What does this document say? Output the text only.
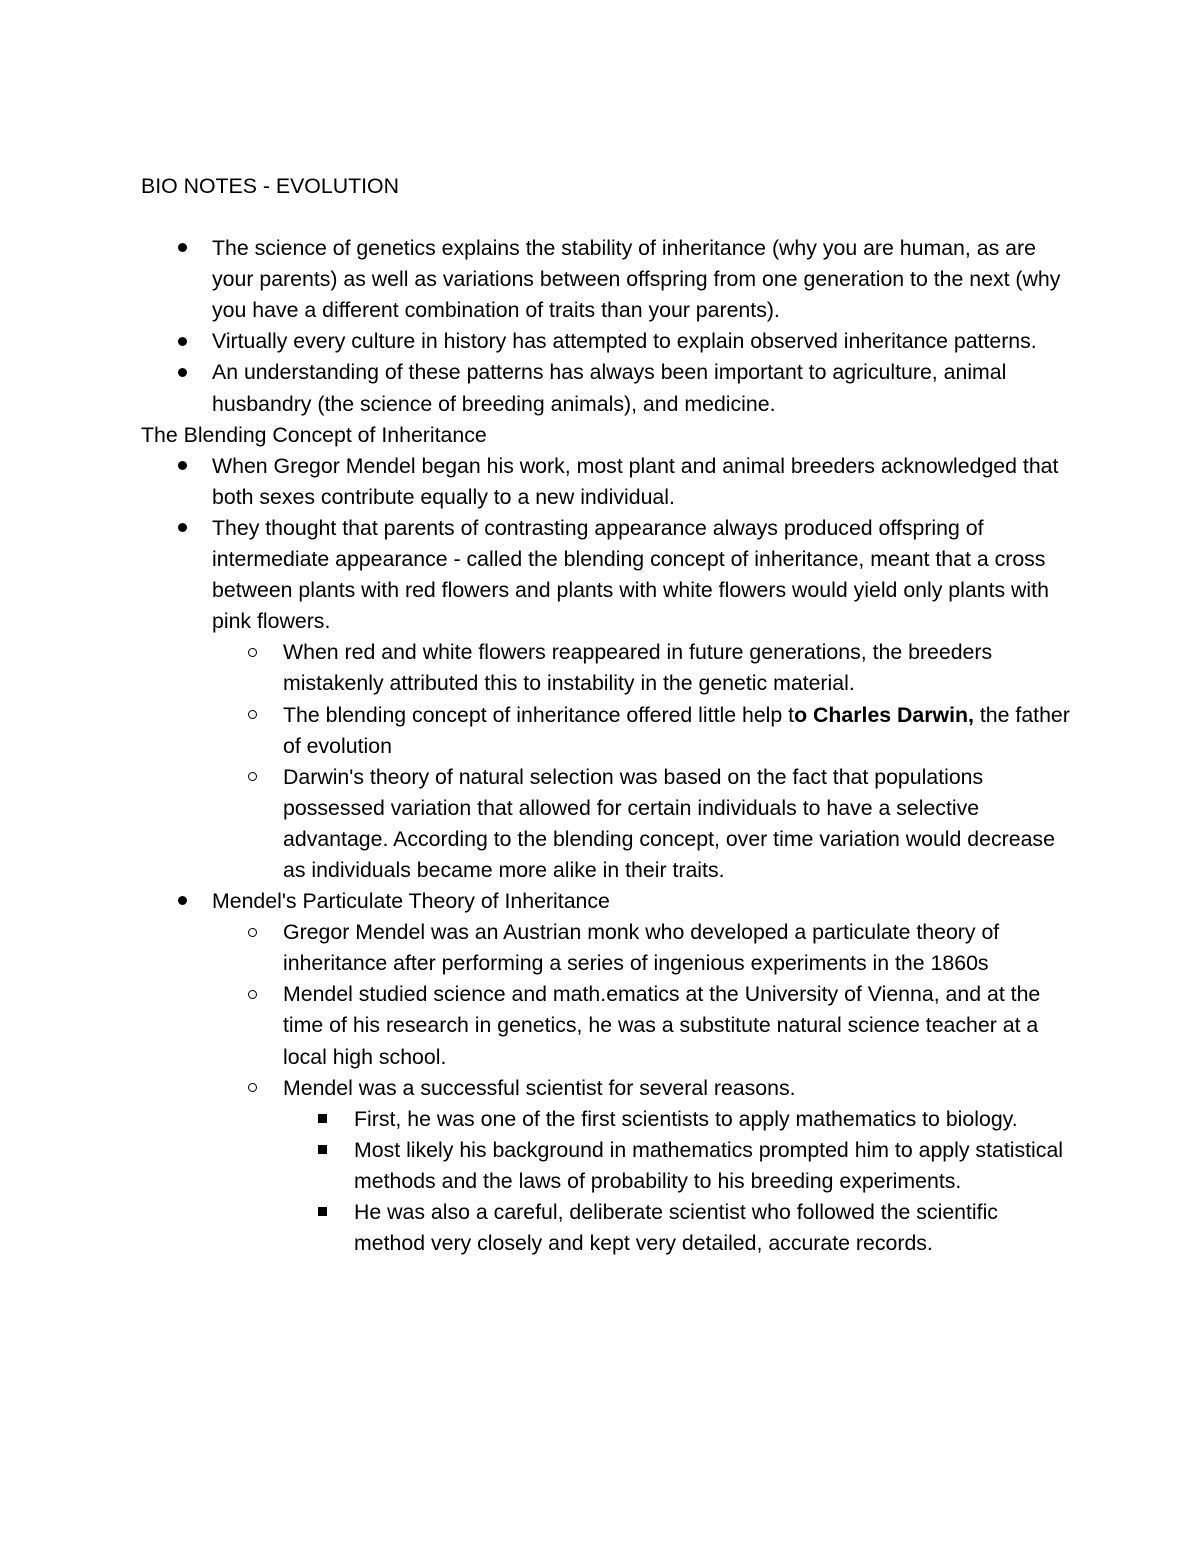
BIO NOTES - EVOLUTION
The science of genetics explains the stability of inheritance (why you are human, as are your parents) as well as variations between offspring from one generation to the next (why you have a different combination of traits than your parents).
Virtually every culture in history has attempted to explain observed inheritance patterns.
An understanding of these patterns has always been important to agriculture, animal husbandry (the science of breeding animals), and medicine.
The Blending Concept of Inheritance
When Gregor Mendel began his work, most plant and animal breeders acknowledged that both sexes contribute equally to a new individual.
They thought that parents of contrasting appearance always produced offspring of intermediate appearance - called the blending concept of inheritance, meant that a cross between plants with red flowers and plants with white flowers would yield only plants with pink flowers.
When red and white flowers reappeared in future generations, the breeders mistakenly attributed this to instability in the genetic material.
The blending concept of inheritance offered little help to Charles Darwin, the father of evolution
Darwin's theory of natural selection was based on the fact that populations possessed variation that allowed for certain individuals to have a selective advantage. According to the blending concept, over time variation would decrease as individuals became more alike in their traits.
Mendel's Particulate Theory of Inheritance
Gregor Mendel was an Austrian monk who developed a particulate theory of inheritance after performing a series of ingenious experiments in the 1860s
Mendel studied science and math.ematics at the University of Vienna, and at the time of his research in genetics, he was a substitute natural science teacher at a local high school.
Mendel was a successful scientist for several reasons.
First, he was one of the first scientists to apply mathematics to biology.
Most likely his background in mathematics prompted him to apply statistical methods and the laws of probability to his breeding experiments.
He was also a careful, deliberate scientist who followed the scientific method very closely and kept very detailed, accurate records.
